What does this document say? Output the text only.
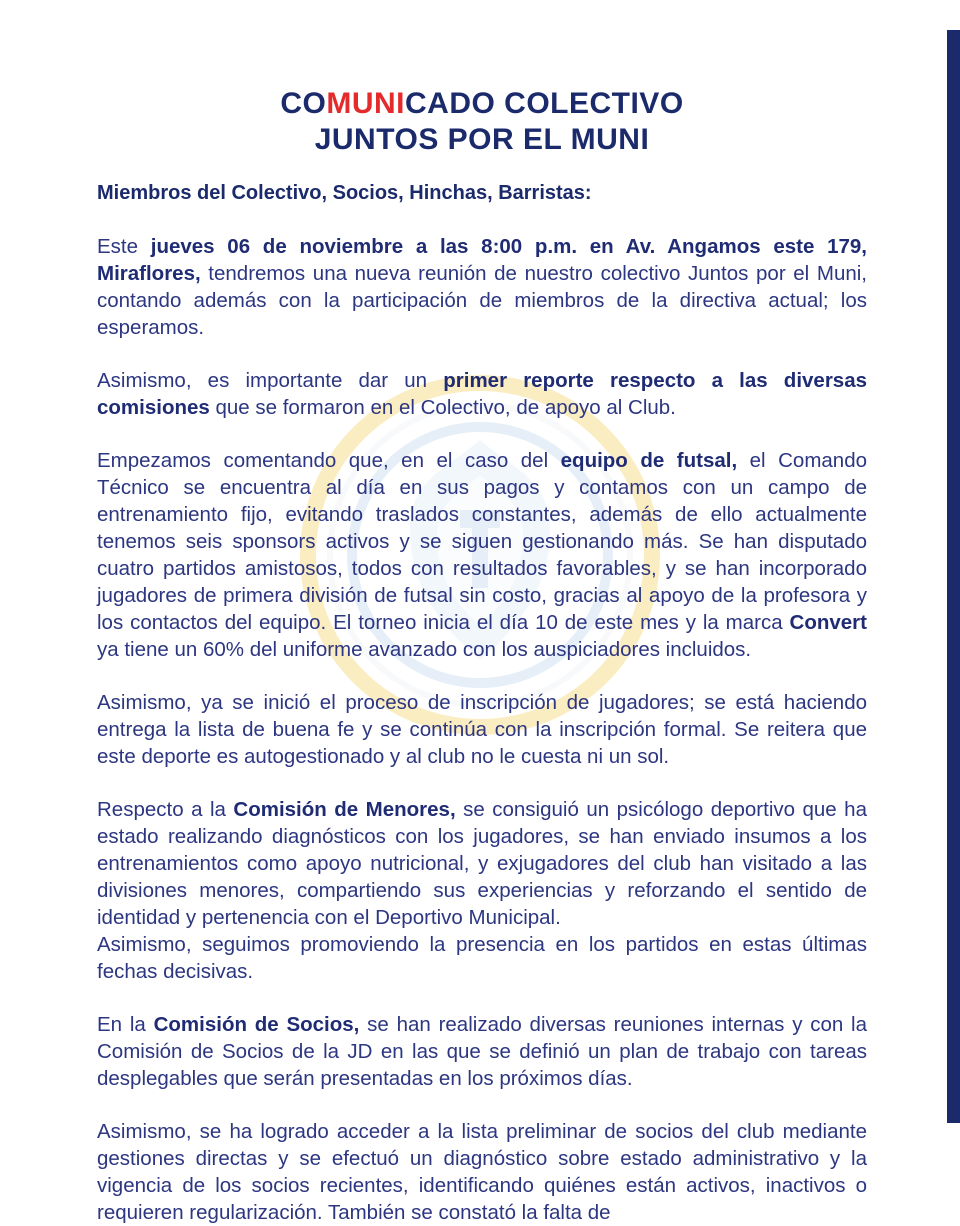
COMUNICADO COLECTIVO
JUNTOS POR EL MUNI

Miembros del Colectivo, Socios, Hinchas, Barristas:

Este jueves 06 de noviembre a las 8:00 p.m. en Av. Angamos este 179, Miraflores, tendremos una nueva reunión de nuestro colectivo Juntos por el Muni, contando además con la participación de miembros de la directiva actual; los esperamos.

Asimismo, es importante dar un primer reporte respecto a las diversas comisiones que se formaron en el Colectivo, de apoyo al Club.

Empezamos comentando que, en el caso del equipo de futsal, el Comando Técnico se encuentra al día en sus pagos y contamos con un campo de entrenamiento fijo, evitando traslados constantes, además de ello actualmente tenemos seis sponsors activos y se siguen gestionando más. Se han disputado cuatro partidos amistosos, todos con resultados favorables, y se han incorporado jugadores de primera división de futsal sin costo, gracias al apoyo de la profesora y los contactos del equipo. El torneo inicia el día 10 de este mes y la marca Convert ya tiene un 60% del uniforme avanzado con los auspiciadores incluidos.

Asimismo, ya se inició el proceso de inscripción de jugadores; se está haciendo entrega la lista de buena fe y se continúa con la inscripción formal. Se reitera que este deporte es autogestionado y al club no le cuesta ni un sol.

Respecto a la Comisión de Menores, se consiguió un psicólogo deportivo que ha estado realizando diagnósticos con los jugadores, se han enviado insumos a los entrenamientos como apoyo nutricional, y exjugadores del club han visitado a las divisiones menores, compartiendo sus experiencias y reforzando el sentido de identidad y pertenencia con el Deportivo Municipal.

Asimismo, seguimos promoviendo la presencia en los partidos en estas últimas fechas decisivas.

En la Comisión de Socios, se han realizado diversas reuniones internas y con la Comisión de Socios de la JD en las que se definió un plan de trabajo con tareas desplegables que serán presentadas en los próximos días.

Asimismo, se ha logrado acceder a la lista preliminar de socios del club mediante gestiones directas y se efectuó un diagnóstico sobre estado administrativo y la vigencia de los socios recientes, identificando quiénes están activos, inactivos o requieren regularización. También se constató la falta de
